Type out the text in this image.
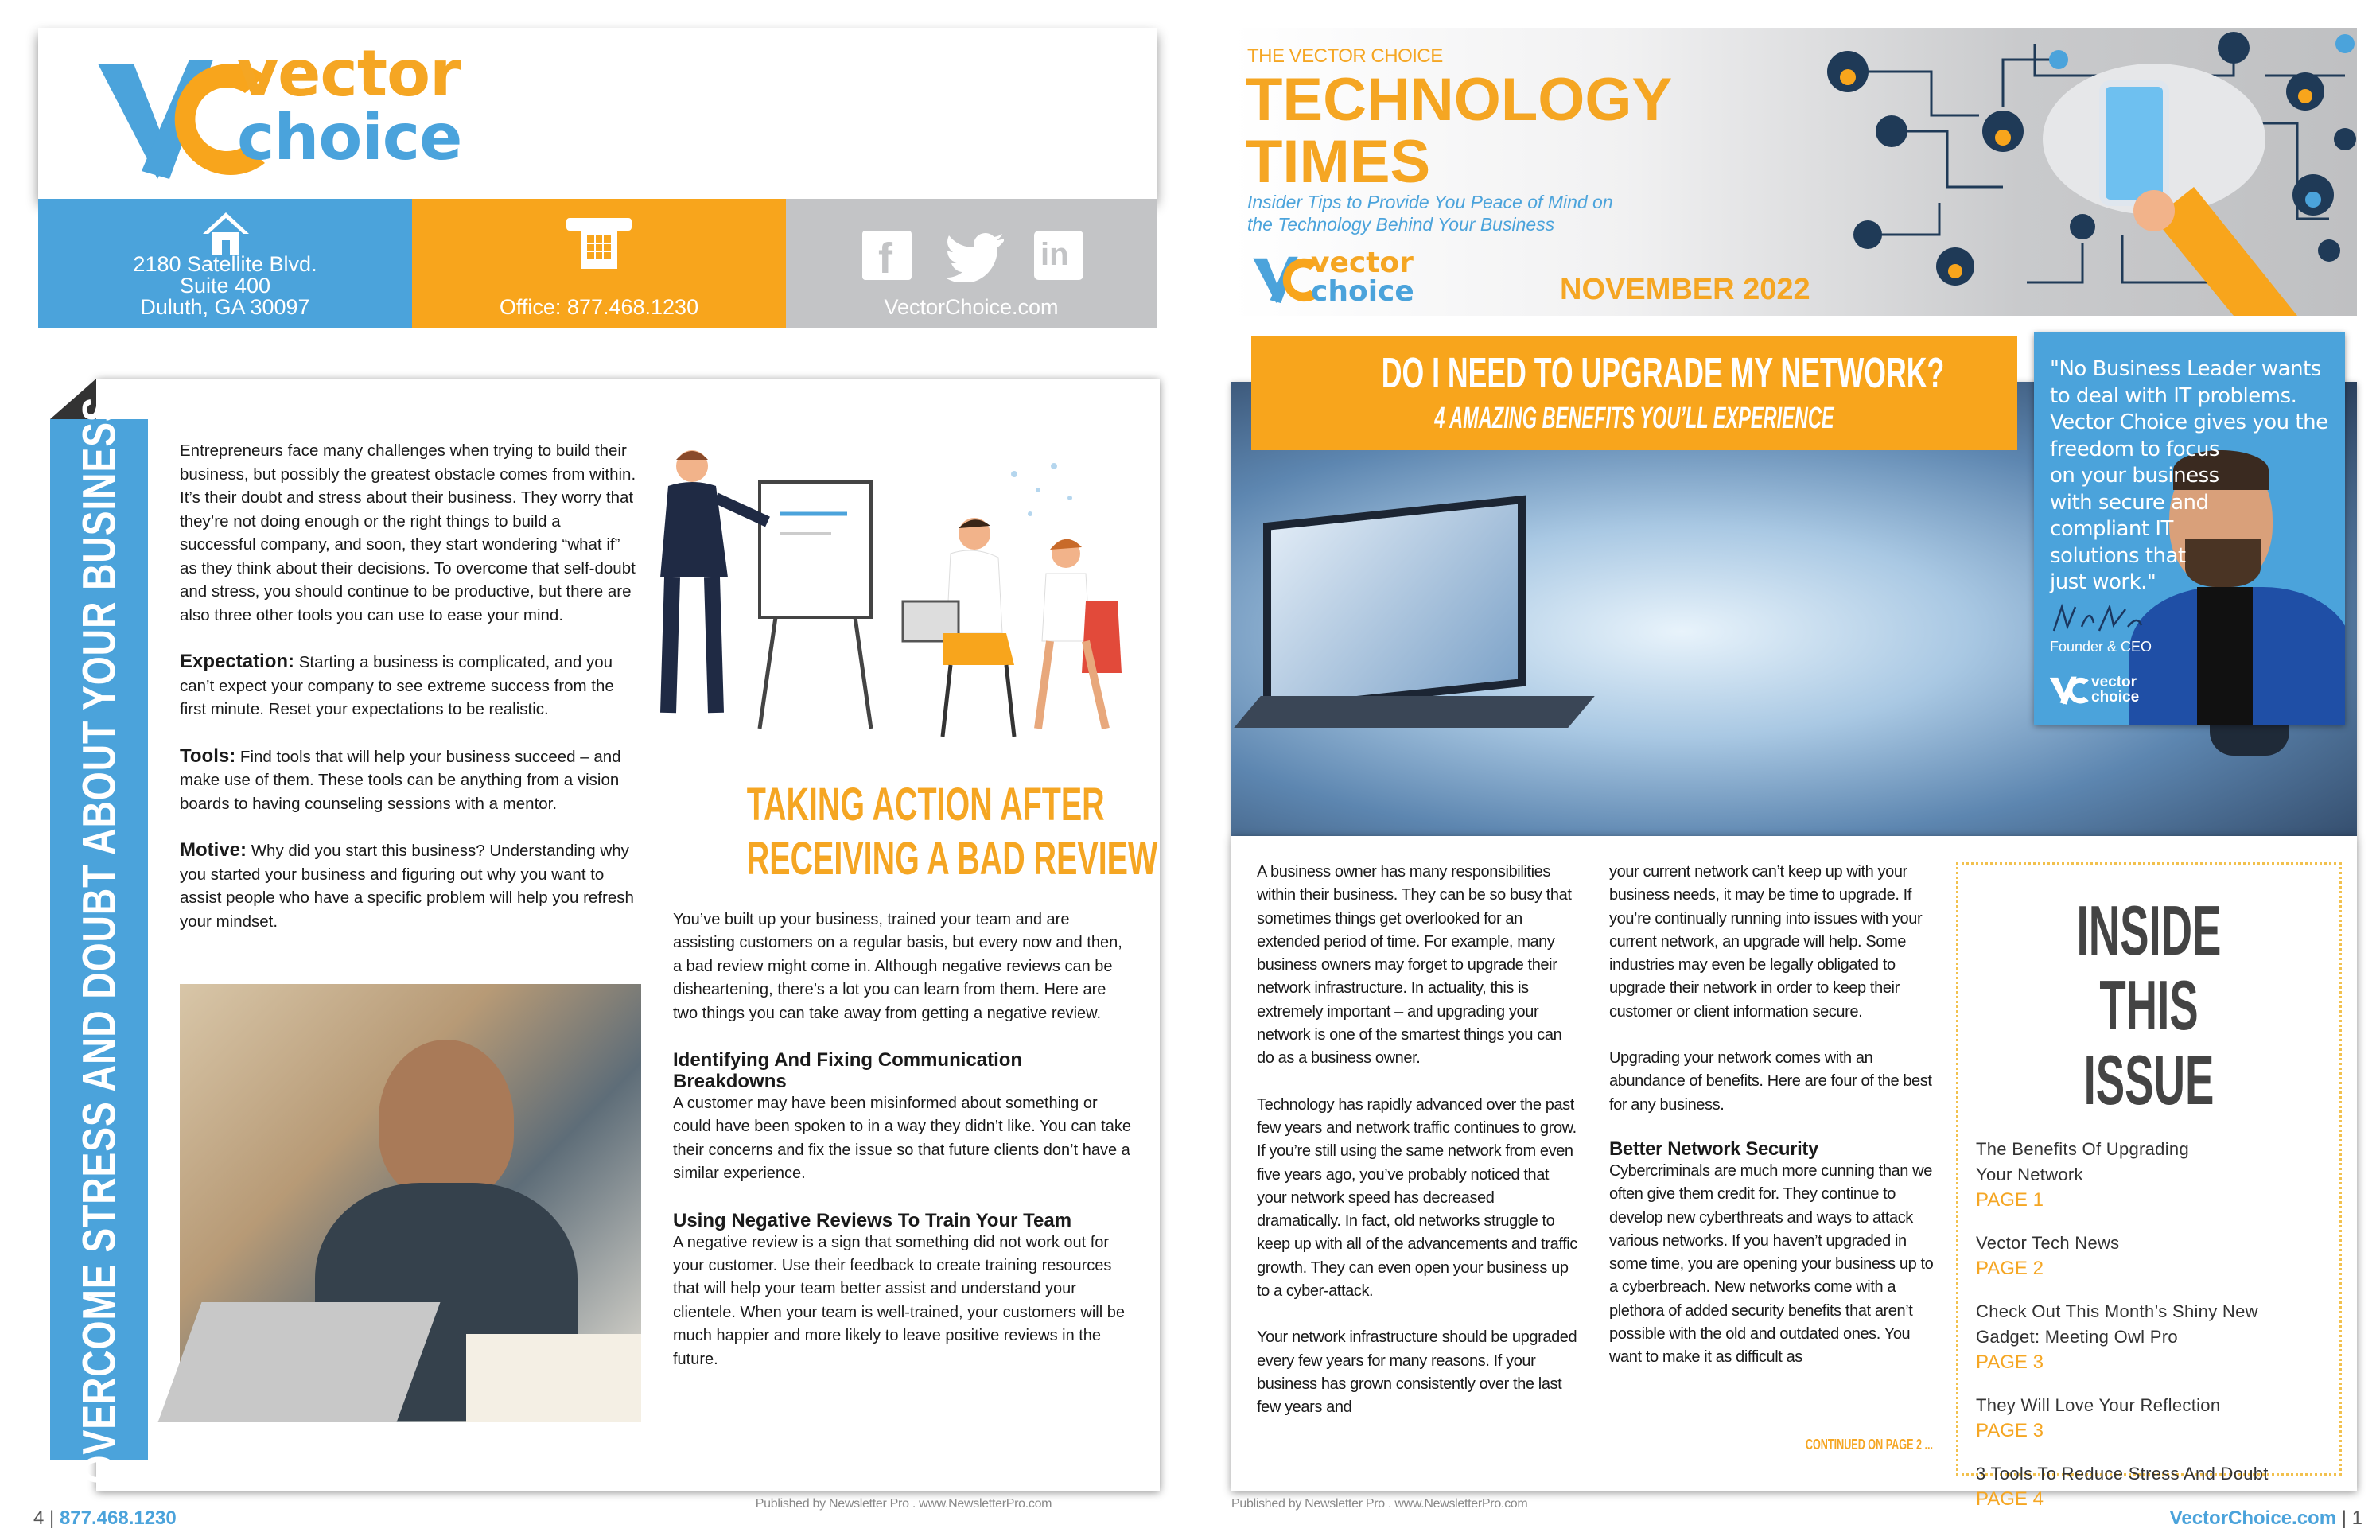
vector
choice
2180 Satellite Blvd.
Suite 400
Duluth, GA 30097	Office: 877.468.1230
f	in
VectorChoice.com
OVERCOME STRESS AND DOUBT ABOUT YOUR BUSINESS	Entrepreneurs face many challenges when trying to build their business, but possibly the greatest obstacle comes from within. It’s their doubt and stress about their business. They worry that they’re not doing enough or the right things to build a successful company, and soon, they start wondering “what if” as they think about their decisions. To overcome that self-doubt and stress, you should continue to be productive, but there are also three other tools you can use to ease your mind.

Expectation: Starting a business is complicated, and you can’t expect your company to see extreme success from the first minute. Reset your expectations to be realistic.

Tools: Find tools that will help your business succeed – and make use of them. These tools can be anything from a vision boards to having counseling sessions with a mentor.

Motive: Why did you start this business? Understanding why you started your business and figuring out why you want to assist people who have a specific problem will help you refresh your mindset.

TAKING ACTION AFTER
RECEIVING A BAD REVIEW

You’ve built up your business, trained your team and are assisting customers on a regular basis, but every now and then, a bad review might come in. Although negative reviews can be disheartening, there’s a lot you can learn from them. Here are two things you can take away from getting a negative review.

Identifying And Fixing Communication Breakdowns

A customer may have been misinformed about something or could have been spoken to in a way they didn’t like. You can take their concerns and fix the issue so that future clients don’t have a similar experience.

Using Negative Reviews To Train Your Team

A negative review is a sign that something did not work out for your customer. Use their feedback to create training resources that will help your team better assist and understand your clientele. When your team is well-trained, your customers will be much happier and more likely to leave positive reviews in the future.

Published by Newsletter Pro . www.NewsletterPro.com
4 | 877.468.1230
THE VECTOR CHOICE
TECHNOLOGY
TIMES
Insider Tips to Provide You Peace of Mind on
the Technology Behind Your Business
vector
choice	NOVEMBER 2022
DO I NEED TO UPGRADE MY NETWORK?
4 AMAZING BENEFITS YOU’LL EXPERIENCE
"No Business Leader wants
to deal with IT problems.
Vector Choice gives you the
freedom to focus
on your business
with secure and
compliant IT
solutions that
just work."
Founder & CEO
vector
choice

A business owner has many responsibilities within their business. They can be so busy that sometimes things get overlooked for an extended period of time. For example, many business owners may forget to upgrade their network infrastructure. In actuality, this is extremely important – and upgrading your network is one of the smartest things you can do as a business owner.

Technology has rapidly advanced over the past few years and network traffic continues to grow. If you’re still using the same network from even five years ago, you’ve probably noticed that your network speed has decreased dramatically. In fact, old networks struggle to keep up with all of the advancements and traffic growth. They can even open your business up to a cyber-attack.

Your network infrastructure should be upgraded every few years for many reasons. If your business has grown consistently over the last few years and

your current network can’t keep up with your business needs, it may be time to upgrade. If you’re continually running into issues with your current network, an upgrade will help. Some industries may even be legally obligated to upgrade their network in order to keep their customer or client information secure.

Upgrading your network comes with an abundance of benefits. Here are four of the best for any business.

Better Network Security

Cybercriminals are much more cunning than we often give them credit for. They continue to develop new cyberthreats and ways to attack various networks. If you haven’t upgraded in some time, you are opening your business up to a cyberbreach. New networks come with a plethora of added security benefits that aren’t possible with the old and outdated ones. You want to make it as difficult as

CONTINUED ON PAGE 2 ...
INSIDE
THIS ISSUE
The Benefits Of Upgrading Your Network
PAGE 1
Vector Tech News
PAGE 2
Check Out This Month’s Shiny New Gadget: Meeting Owl Pro
PAGE 3
They Will Love Your Reflection
PAGE 3
3 Tools To Reduce Stress And Doubt
PAGE 4
Published by Newsletter Pro . www.NewsletterPro.com
VectorChoice.com | 1
